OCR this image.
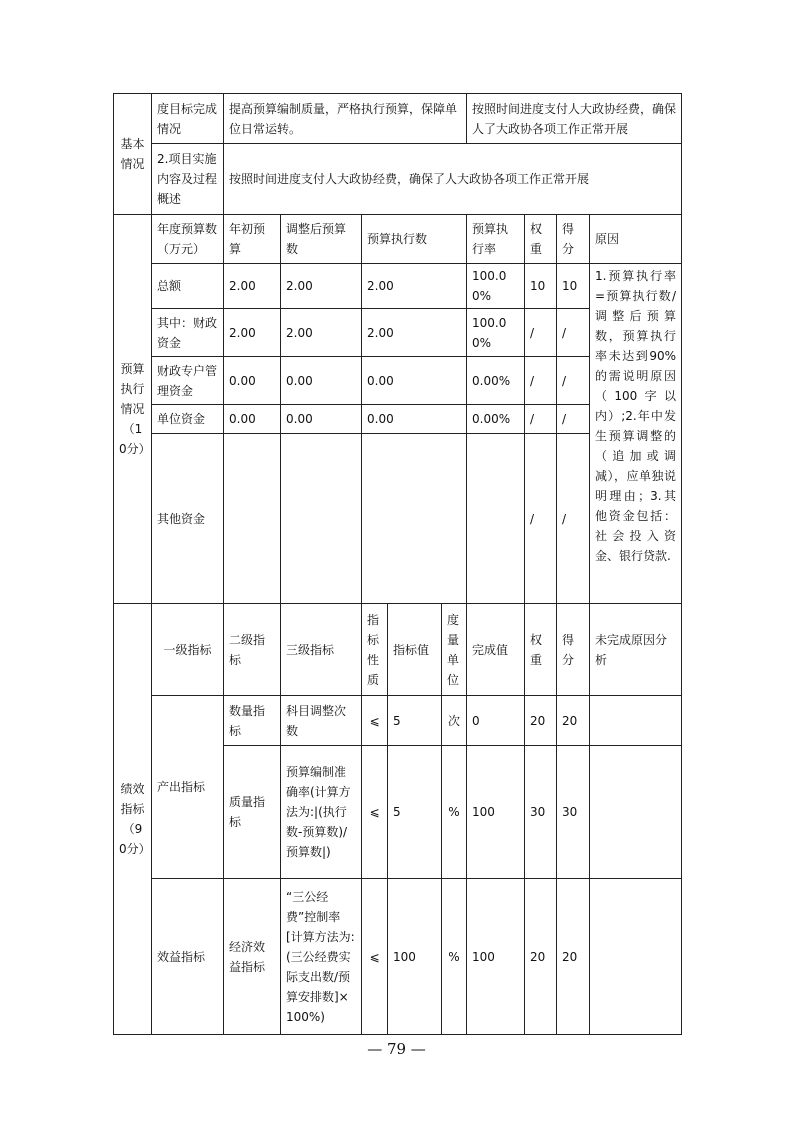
基本情况	度目标完成情况	提高预算编制质量，严格执行预算，保障单位日常运转。					按照时间进度支付人大政协经费，确保人了大政协各项工作正常开展			
	2.项目实施内容及过程概述	按照时间进度支付人大政协经费，确保了人大政协各项工作正常开展								
预算执行情况（10分）	年度预算数（万元）	年初预算	调整后预算数	预算执行数			预算执行率	权重	得分	原因
	总额	2.00	2.00	2.00			100.00%	10	10	1.预算执行率=预算执行数/调整后预算数，预算执行率未达到90%的需说明原因（100字以内）;2.年中发生预算调整的（追加或调减），应单独说明理由；3.其他资金包括：社会投入资金、银行贷款.
	其中：财政资金	2.00	2.00	2.00			100.00%	/	/	
	财政专户管理资金	0.00	0.00	0.00			0.00%	/	/	
	单位资金	0.00	0.00	0.00			0.00%	/	/	
	其他资金							/	/	
绩效指标（90分）	一级指标	二级指标	三级指标	指标性质	指标值	度量单位	完成值	权重	得分	未完成原因分析
	产出指标	数量指标	科目调整次数	⩽	5	次	0	20	20	
		质量指标	预算编制准确率(计算方法为:|(执行数-预算数)/预算数|)	⩽	5	%	100	30	30	
	效益指标	经济效益指标	“三公经费”控制率[计算方法为:(三公经费实际支出数/预算安排数]×100%)	⩽	100	%	100	20	20	
— 79 —
